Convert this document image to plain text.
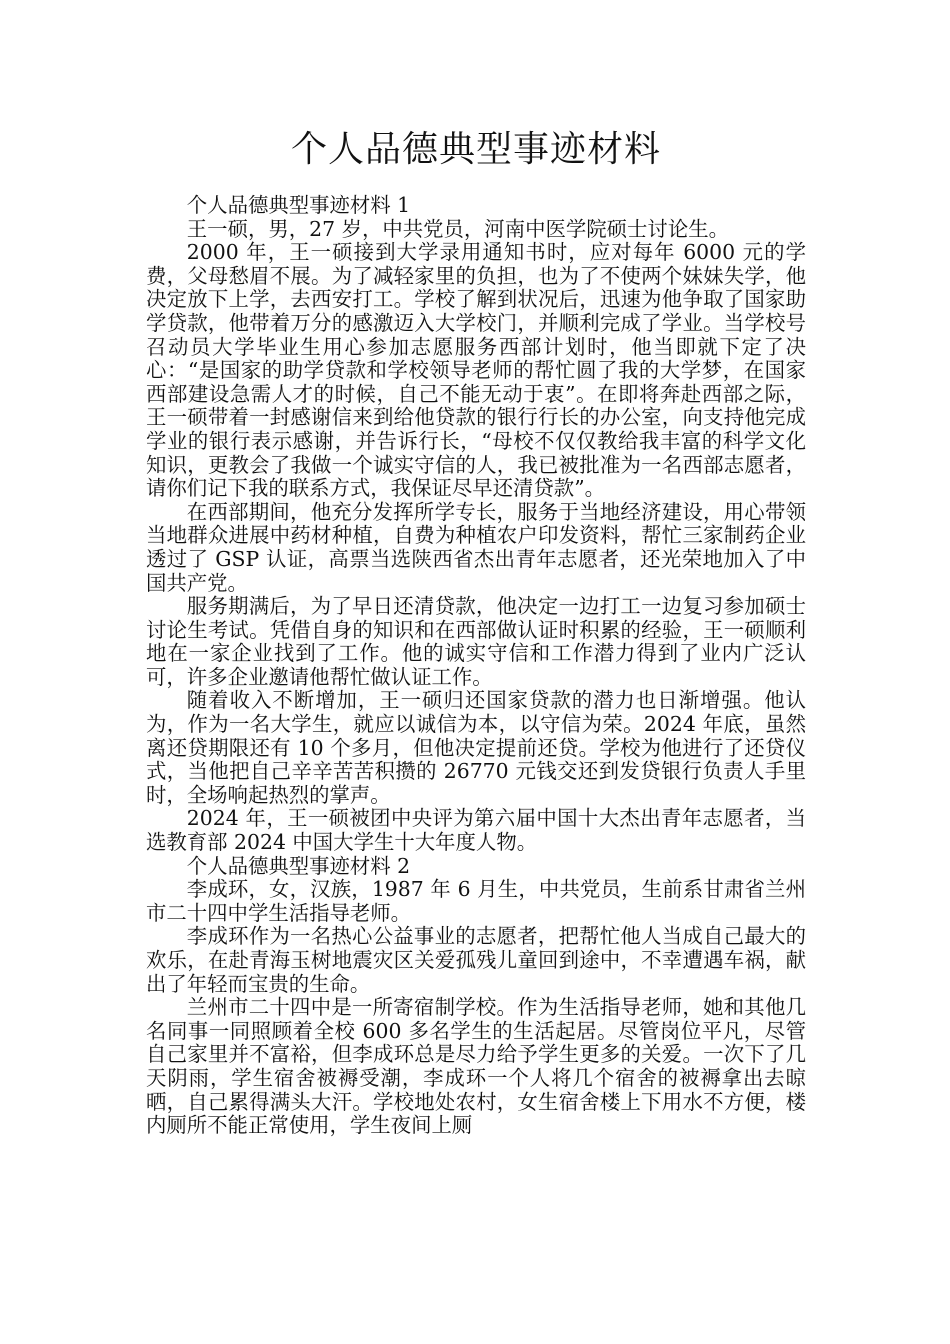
个人品德典型事迹材料

个人品德典型事迹材料 1

王一硕，男，27 岁，中共党员，河南中医学院硕士讨论生。

2000 年，王一硕接到大学录用通知书时，应对每年 6000 元的学费，父母愁眉不展。为了减轻家里的负担，也为了不使两个妹妹失学，他决定放下上学，去西安打工。学校了解到状况后，迅速为他争取了国家助学贷款，他带着万分的感激迈入大学校门，并顺利完成了学业。当学校号召动员大学毕业生用心参加志愿服务西部计划时，他当即就下定了决心：“是国家的助学贷款和学校领导老师的帮忙圆了我的大学梦，在国家西部建设急需人才的时候，自己不能无动于衷”。在即将奔赴西部之际，王一硕带着一封感谢信来到给他贷款的银行行长的办公室，向支持他完成学业的银行表示感谢，并告诉行长，“母校不仅仅教给我丰富的科学文化知识，更教会了我做一个诚实守信的人，我已被批准为一名西部志愿者，请你们记下我的联系方式，我保证尽早还清贷款”。

在西部期间，他充分发挥所学专长，服务于当地经济建设，用心带领当地群众进展中药材种植，自费为种植农户印发资料，帮忙三家制药企业透过了 GSP 认证，高票当选陕西省杰出青年志愿者，还光荣地加入了中国共产党。

服务期满后，为了早日还清贷款，他决定一边打工一边复习参加硕士讨论生考试。凭借自身的知识和在西部做认证时积累的经验，王一硕顺利地在一家企业找到了工作。他的诚实守信和工作潜力得到了业内广泛认可，许多企业邀请他帮忙做认证工作。

随着收入不断增加，王一硕归还国家贷款的潜力也日渐增强。他认为，作为一名大学生，就应以诚信为本，以守信为荣。2024 年底，虽然离还贷期限还有 10 个多月，但他决定提前还贷。学校为他进行了还贷仪式，当他把自己辛辛苦苦积攒的 26770 元钱交还到发贷银行负责人手里时，全场响起热烈的掌声。

2024 年，王一硕被团中央评为第六届中国十大杰出青年志愿者，当选教育部 2024 中国大学生十大年度人物。

个人品德典型事迹材料 2

李成环，女，汉族，1987 年 6 月生，中共党员，生前系甘肃省兰州市二十四中学生活指导老师。

李成环作为一名热心公益事业的志愿者，把帮忙他人当成自己最大的欢乐，在赴青海玉树地震灾区关爱孤残儿童回到途中，不幸遭遇车祸，献出了年轻而宝贵的生命。

兰州市二十四中是一所寄宿制学校。作为生活指导老师，她和其他几名同事一同照顾着全校 600 多名学生的生活起居。尽管岗位平凡，尽管自己家里并不富裕，但李成环总是尽力给予学生更多的关爱。一次下了几天阴雨，学生宿舍被褥受潮，李成环一个人将几个宿舍的被褥拿出去晾晒，自己累得满头大汗。学校地处农村，女生宿舍楼上下用水不方便，楼内厕所不能正常使用，学生夜间上厕
